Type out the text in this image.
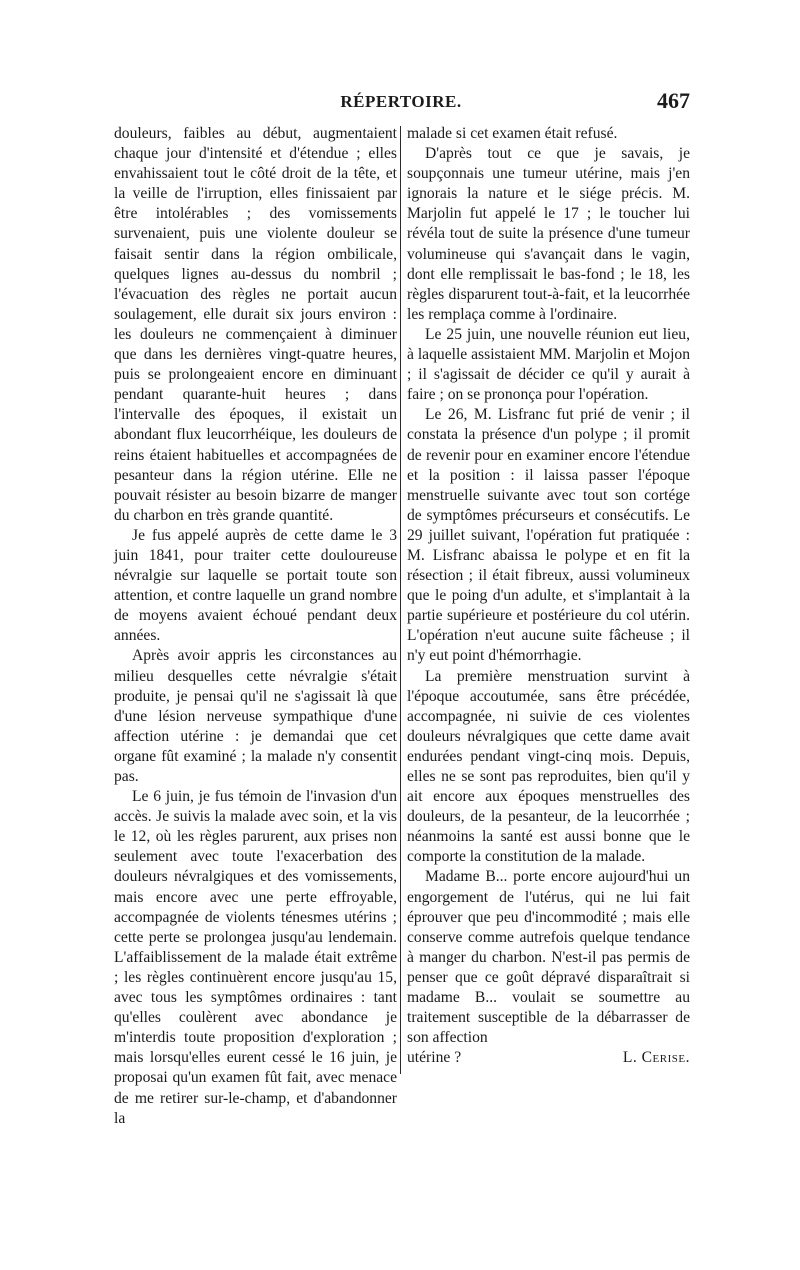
RÉPERTOIRE.	467

douleurs, faibles au début, augmentaient chaque jour d'intensité et d'étendue ; elles envahissaient tout le côté droit de la tête, et la veille de l'irruption, elles finissaient par être intolérables ; des vomissements survenaient, puis une violente douleur se faisait sentir dans la région ombilicale, quelques lignes au-dessus du nombril ; l'évacuation des règles ne portait aucun soulagement, elle durait six jours environ : les douleurs ne commençaient à diminuer que dans les dernières vingt-quatre heures, puis se prolongeaient encore en diminuant pendant quarante-huit heures ; dans l'intervalle des époques, il existait un abondant flux leucorrhéique, les douleurs de reins étaient habituelles et accompagnées de pesanteur dans la région utérine. Elle ne pouvait résister au besoin bizarre de manger du charbon en très grande quantité.

Je fus appelé auprès de cette dame le 3 juin 1841, pour traiter cette douloureuse névralgie sur laquelle se portait toute son attention, et contre laquelle un grand nombre de moyens avaient échoué pendant deux années.

Après avoir appris les circonstances au milieu desquelles cette névralgie s'était produite, je pensai qu'il ne s'agissait là que d'une lésion nerveuse sympathique d'une affection utérine : je demandai que cet organe fût examiné ; la malade n'y consentit pas.

Le 6 juin, je fus témoin de l'invasion d'un accès. Je suivis la malade avec soin, et la vis le 12, où les règles parurent, aux prises non seulement avec toute l'exacerbation des douleurs névralgiques et des vomissements, mais encore avec une perte effroyable, accompagnée de violents ténesmes utérins ; cette perte se prolongea jusqu'au lendemain. L'affaiblissement de la malade était extrême ; les règles continuèrent encore jusqu'au 15, avec tous les symptômes ordinaires : tant qu'elles coulèrent avec abondance je m'interdis toute proposition d'exploration ; mais lorsqu'elles eurent cessé le 16 juin, je proposai qu'un examen fût fait, avec menace de me retirer sur-le-champ, et d'abandonner la

malade si cet examen était refusé.

D'après tout ce que je savais, je soupçonnais une tumeur utérine, mais j'en ignorais la nature et le siége précis. M. Marjolin fut appelé le 17 ; le toucher lui révéla tout de suite la présence d'une tumeur volumineuse qui s'avançait dans le vagin, dont elle remplissait le bas-fond ; le 18, les règles disparurent tout-à-fait, et la leucorrhée les remplaça comme à l'ordinaire.

Le 25 juin, une nouvelle réunion eut lieu, à laquelle assistaient MM. Marjolin et Mojon ; il s'agissait de décider ce qu'il y aurait à faire ; on se prononça pour l'opération.

Le 26, M. Lisfranc fut prié de venir ; il constata la présence d'un polype ; il promit de revenir pour en examiner encore l'étendue et la position : il laissa passer l'époque menstruelle suivante avec tout son cortége de symptômes précurseurs et consécutifs. Le 29 juillet suivant, l'opération fut pratiquée : M. Lisfranc abaissa le polype et en fit la résection ; il était fibreux, aussi volumineux que le poing d'un adulte, et s'implantait à la partie supérieure et postérieure du col utérin. L'opération n'eut aucune suite fâcheuse ; il n'y eut point d'hémorrhagie.

La première menstruation survint à l'époque accoutumée, sans être précédée, accompagnée, ni suivie de ces violentes douleurs névralgiques que cette dame avait endurées pendant vingt-cinq mois. Depuis, elles ne se sont pas reproduites, bien qu'il y ait encore aux époques menstruelles des douleurs, de la pesanteur, de la leucorrhée ; néanmoins la santé est aussi bonne que le comporte la constitution de la malade.

Madame B... porte encore aujourd'hui un engorgement de l'utérus, qui ne lui fait éprouver que peu d'incommodité ; mais elle conserve comme autrefois quelque tendance à manger du charbon. N'est-il pas permis de penser que ce goût dépravé disparaîtrait si madame B... voulait se soumettre au traitement susceptible de la débarrasser de son affection

utérine ?	L. Cerise.
